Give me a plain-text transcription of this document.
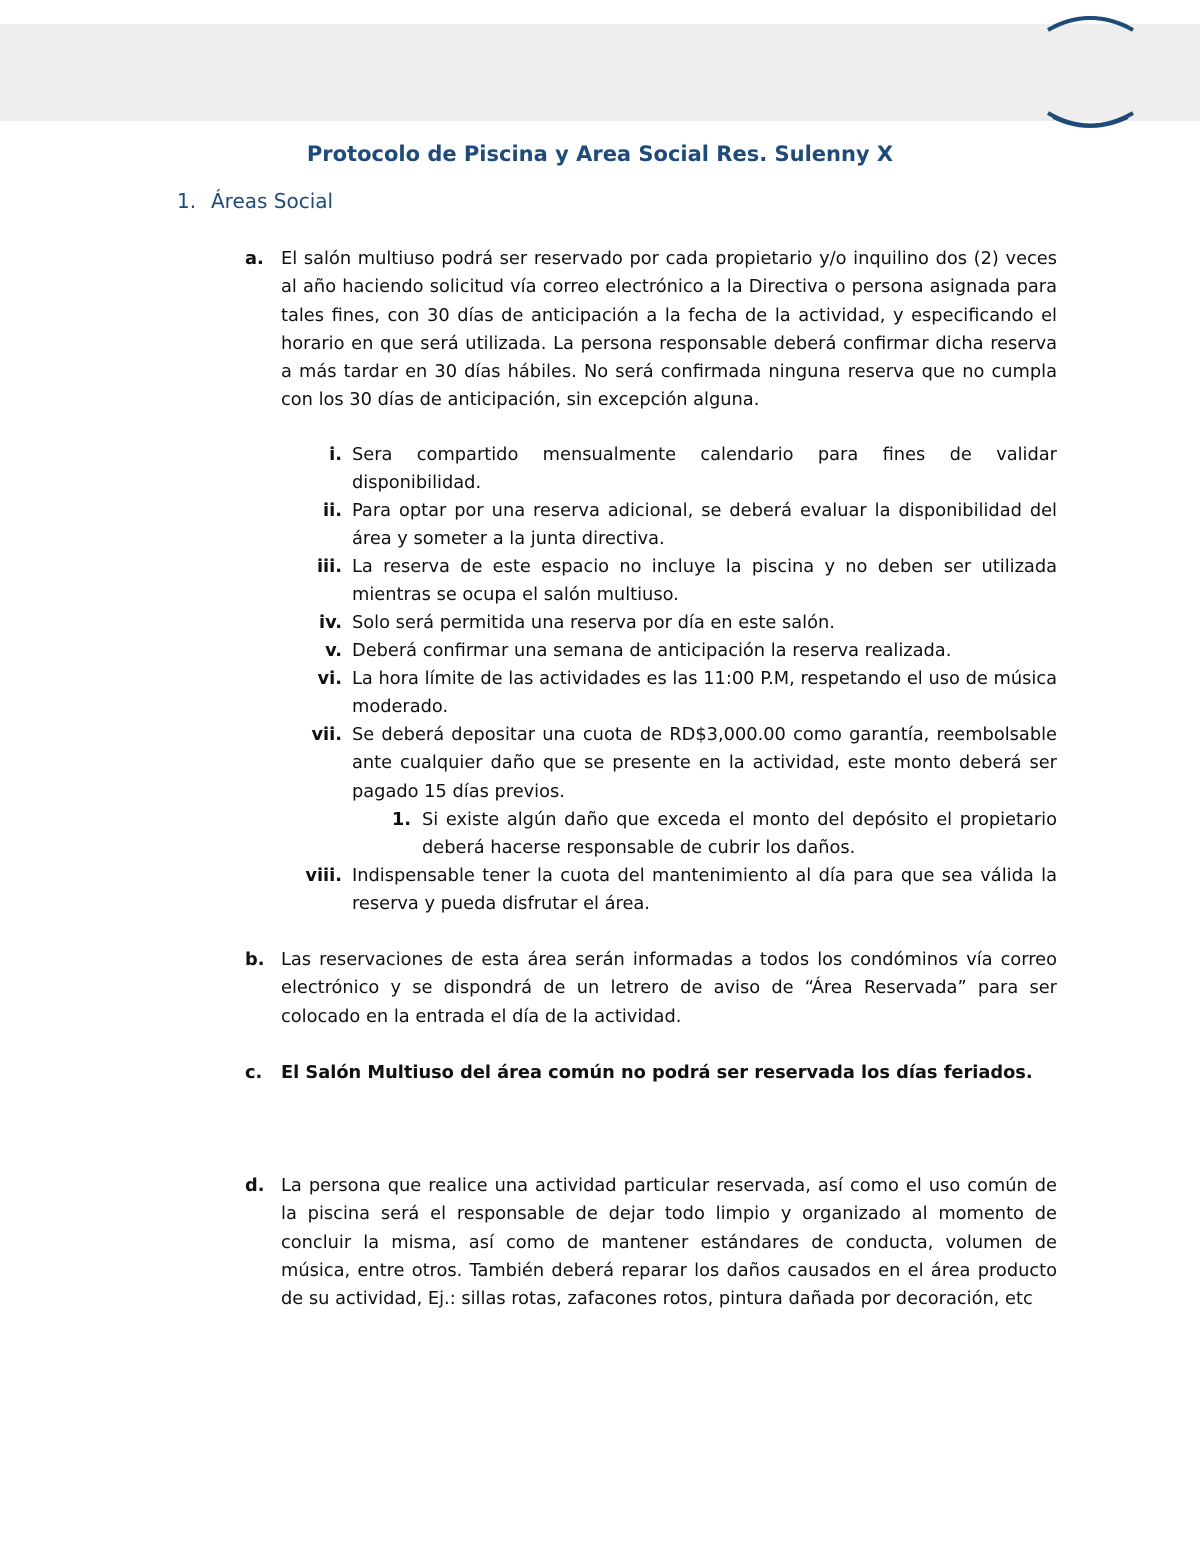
Protocolo de Piscina y Area Social Res. Sulenny X
1. Áreas Social

a. El salón multiuso podrá ser reservado por cada propietario y/o inquilino dos (2) veces al año haciendo solicitud vía correo electrónico a la Directiva o persona asignada para tales fines, con 30 días de anticipación a la fecha de la actividad, y especificando el horario en que será utilizada. La persona responsable deberá confirmar dicha reserva a más tardar en 30 días hábiles. No será confirmada ninguna reserva que no cumpla con los 30 días de anticipación, sin excepción alguna.

i. Sera compartido mensualmente calendario para fines de validar disponibilidad.

ii. Para optar por una reserva adicional, se deberá evaluar la disponibilidad del área y someter a la junta directiva.

iii. La reserva de este espacio no incluye la piscina y no deben ser utilizada mientras se ocupa el salón multiuso.

iv. Solo será permitida una reserva por día en este salón.

v. Deberá confirmar una semana de anticipación la reserva realizada.

vi. La hora límite de las actividades es las 11:00 P.M, respetando el uso de música moderado.

vii. Se deberá depositar una cuota de RD$3,000.00 como garantía, reembolsable ante cualquier daño que se presente en la actividad, este monto deberá ser pagado 15 días previos.

1. Si existe algún daño que exceda el monto del depósito el propietario deberá hacerse responsable de cubrir los daños.

viii. Indispensable tener la cuota del mantenimiento al día para que sea válida la reserva y pueda disfrutar el área.

b. Las reservaciones de esta área serán informadas a todos los condóminos vía correo electrónico y se dispondrá de un letrero de aviso de “Área Reservada” para ser colocado en la entrada el día de la actividad.

c. El Salón Multiuso del área común no podrá ser reservada los días feriados.

d. La persona que realice una actividad particular reservada, así como el uso común de la piscina será el responsable de dejar todo limpio y organizado al momento de concluir la misma, así como de mantener estándares de conducta, volumen de música, entre otros. También deberá reparar los daños causados en el área producto de su actividad, Ej.: sillas rotas, zafacones rotos, pintura dañada por decoración, etc
